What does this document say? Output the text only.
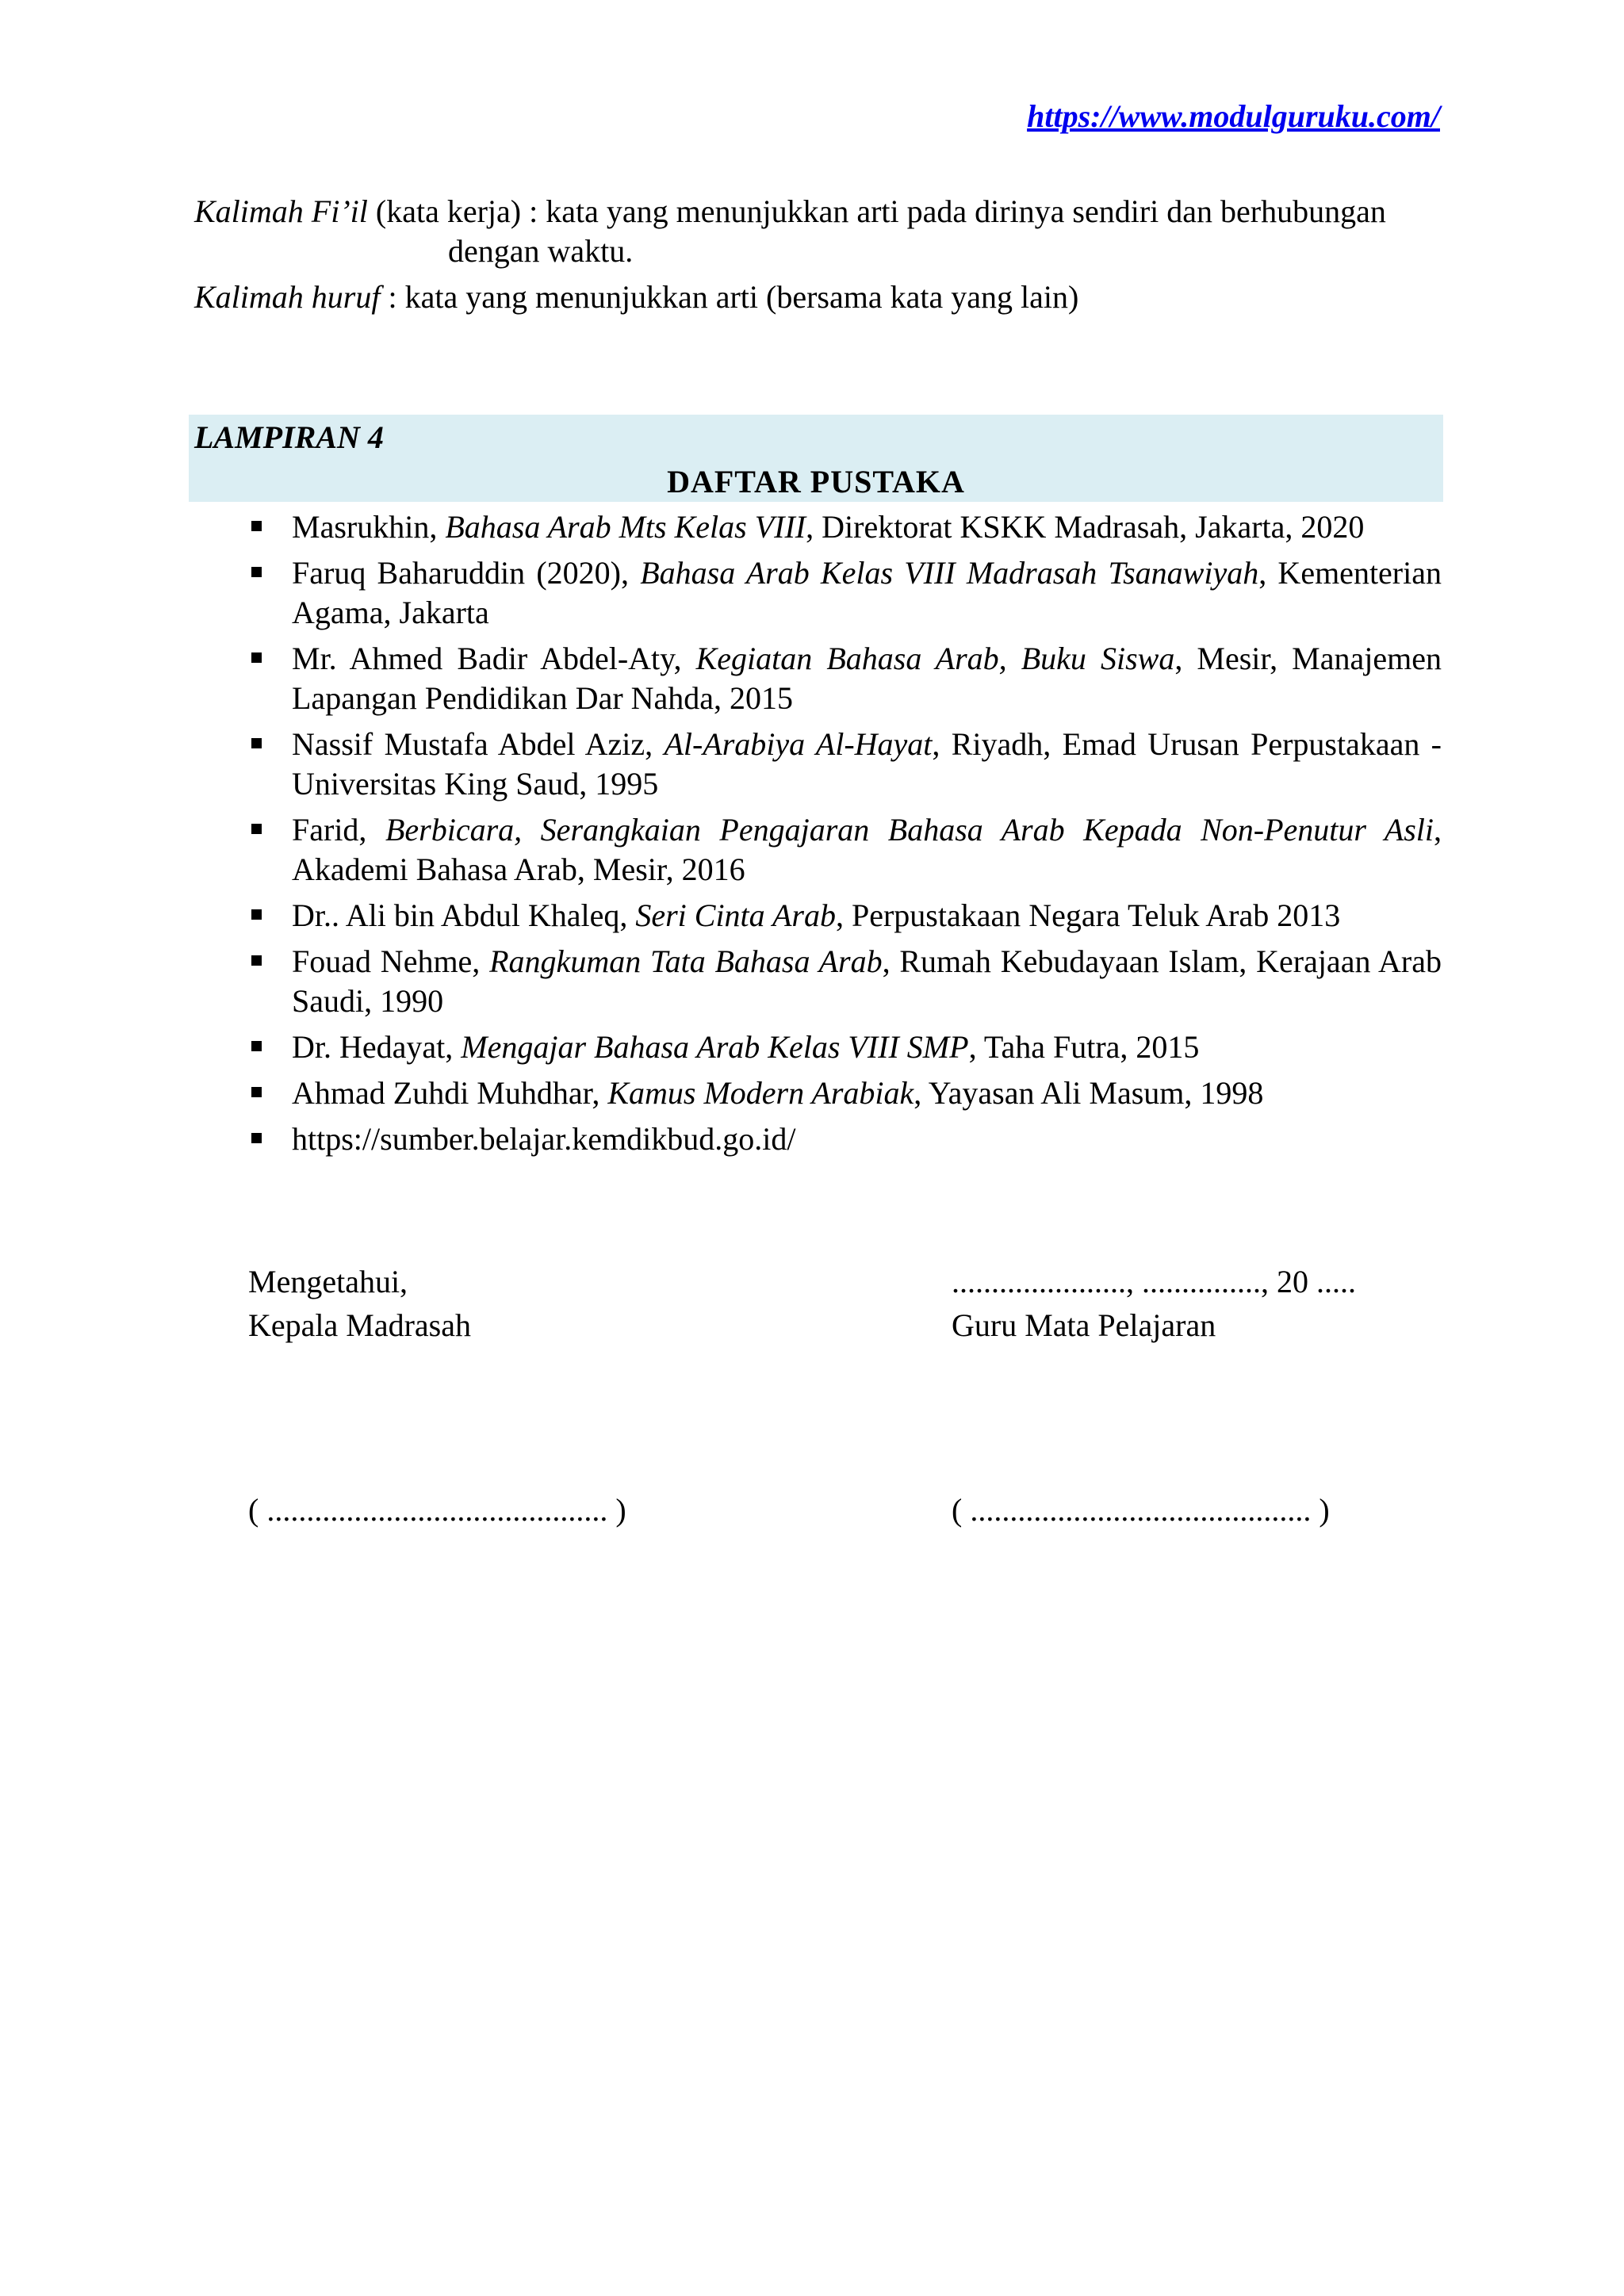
https://www.modulguruku.com/
Kalimah Fi’il (kata kerja) : kata yang menunjukkan arti pada dirinya sendiri dan berhubungan
dengan waktu.
Kalimah huruf : kata yang menunjukkan arti (bersama kata yang lain)
LAMPIRAN 4
DAFTAR PUSTAKA
Masrukhin, Bahasa Arab Mts Kelas VIII, Direktorat KSKK Madrasah, Jakarta, 2020
Faruq Baharuddin (2020), Bahasa Arab Kelas VIII Madrasah Tsanawiyah, Kementerian Agama, Jakarta
Mr. Ahmed Badir Abdel-Aty, Kegiatan Bahasa Arab, Buku Siswa, Mesir, Manajemen Lapangan Pendidikan Dar Nahda, 2015
Nassif Mustafa Abdel Aziz, Al-Arabiya Al-Hayat, Riyadh, Emad Urusan Perpustakaan - Universitas King Saud, 1995
Farid, Berbicara, Serangkaian Pengajaran Bahasa Arab Kepada Non-Penutur Asli, Akademi Bahasa Arab, Mesir, 2016
Dr.. Ali bin Abdul Khaleq, Seri Cinta Arab, Perpustakaan Negara Teluk Arab 2013
Fouad Nehme, Rangkuman Tata Bahasa Arab, Rumah Kebudayaan Islam, Kerajaan Arab Saudi, 1990
Dr. Hedayat, Mengajar Bahasa Arab Kelas VIII SMP, Taha Futra, 2015
Ahmad Zuhdi Muhdhar, Kamus Modern Arabiak, Yayasan Ali Masum, 1998
https://sumber.belajar.kemdikbud.go.id/
Mengetahui,
Kepala Madrasah
......................, ..............., 20 .....
Guru Mata Pelajaran
( ........................................... )	( ........................................... )
